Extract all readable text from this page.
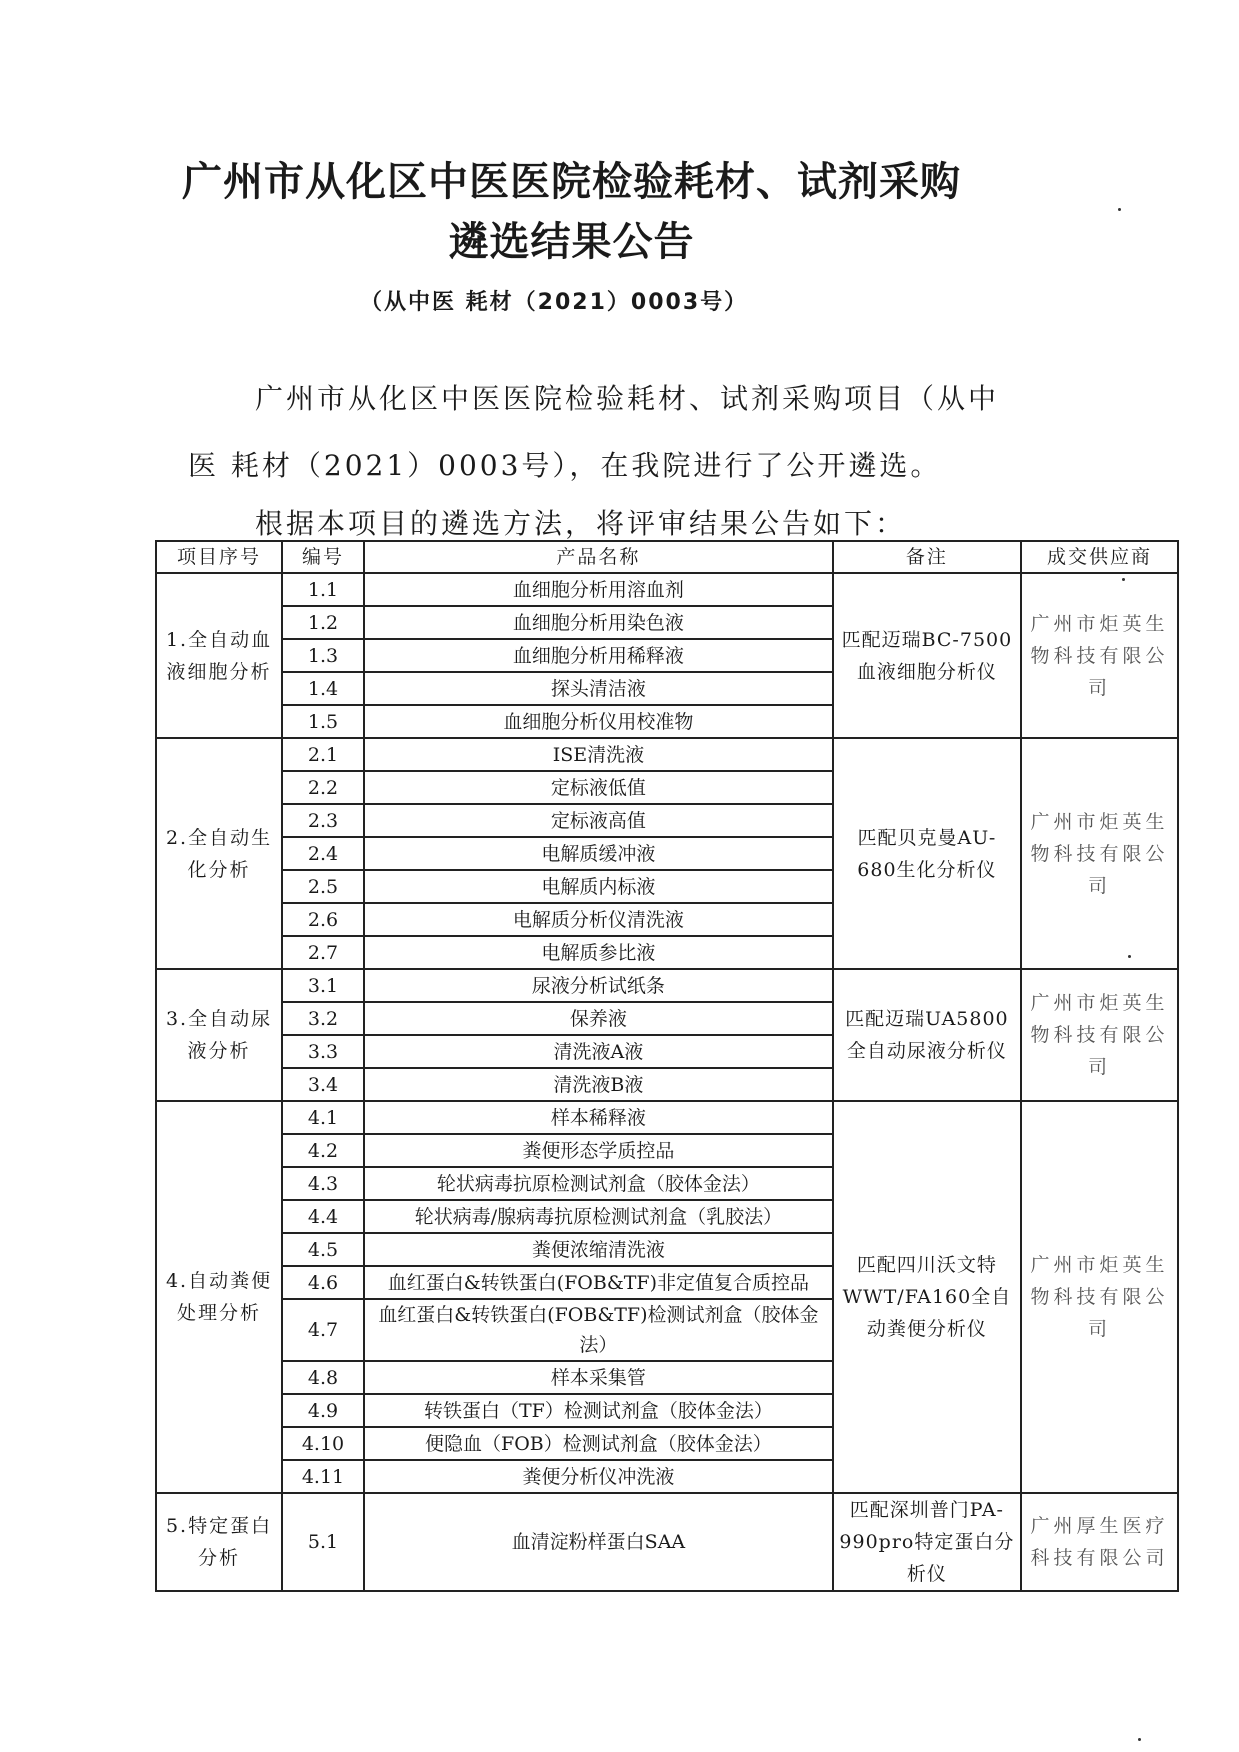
广州市从化区中医医院检验耗材、试剂采购
遴选结果公告
（从中医 耗材（2021）0003号）
广州市从化区中医医院检验耗材、试剂采购项目（从中
医 耗材（2021）0003号），在我院进行了公开遴选。
根据本项目的遴选方法，将评审结果公告如下：
项目序号	编号	产品名称	备注	成交供应商
1.全自动血液细胞分析	1.1	血细胞分析用溶血剂	匹配迈瑞BC-7500血液细胞分析仪	广州市炬英生物科技有限公司
	1.2	血细胞分析用染色液		
	1.3	血细胞分析用稀释液		
	1.4	探头清洁液		
	1.5	血细胞分析仪用校准物		
2.全自动生化分析	2.1	ISE清洗液	匹配贝克曼AU-680生化分析仪	广州市炬英生物科技有限公司
	2.2	定标液低值		
	2.3	定标液高值		
	2.4	电解质缓冲液		
	2.5	电解质内标液		
	2.6	电解质分析仪清洗液		
	2.7	电解质参比液		
3.全自动尿液分析	3.1	尿液分析试纸条	匹配迈瑞UA5800全自动尿液分析仪	广州市炬英生物科技有限公司
	3.2	保养液		
	3.3	清洗液A液		
	3.4	清洗液B液		
4.自动粪便处理分析	4.1	样本稀释液	匹配四川沃文特WWT/FA160全自动粪便分析仪	广州市炬英生物科技有限公司
	4.2	粪便形态学质控品		
	4.3	轮状病毒抗原检测试剂盒（胶体金法）		
	4.4	轮状病毒/腺病毒抗原检测试剂盒（乳胶法）		
	4.5	粪便浓缩清洗液		
	4.6	血红蛋白&转铁蛋白(FOB&TF)非定值复合质控品		
	4.7	血红蛋白&转铁蛋白(FOB&TF)检测试剂盒（胶体金法）		
	4.8	样本采集管		
	4.9	转铁蛋白（TF）检测试剂盒（胶体金法）		
	4.10	便隐血（FOB）检测试剂盒（胶体金法）		
	4.11	粪便分析仪冲洗液		
5.特定蛋白分析	5.1	血清淀粉样蛋白SAA	匹配深圳普门PA-990pro特定蛋白分析仪	广州厚生医疗科技有限公司
